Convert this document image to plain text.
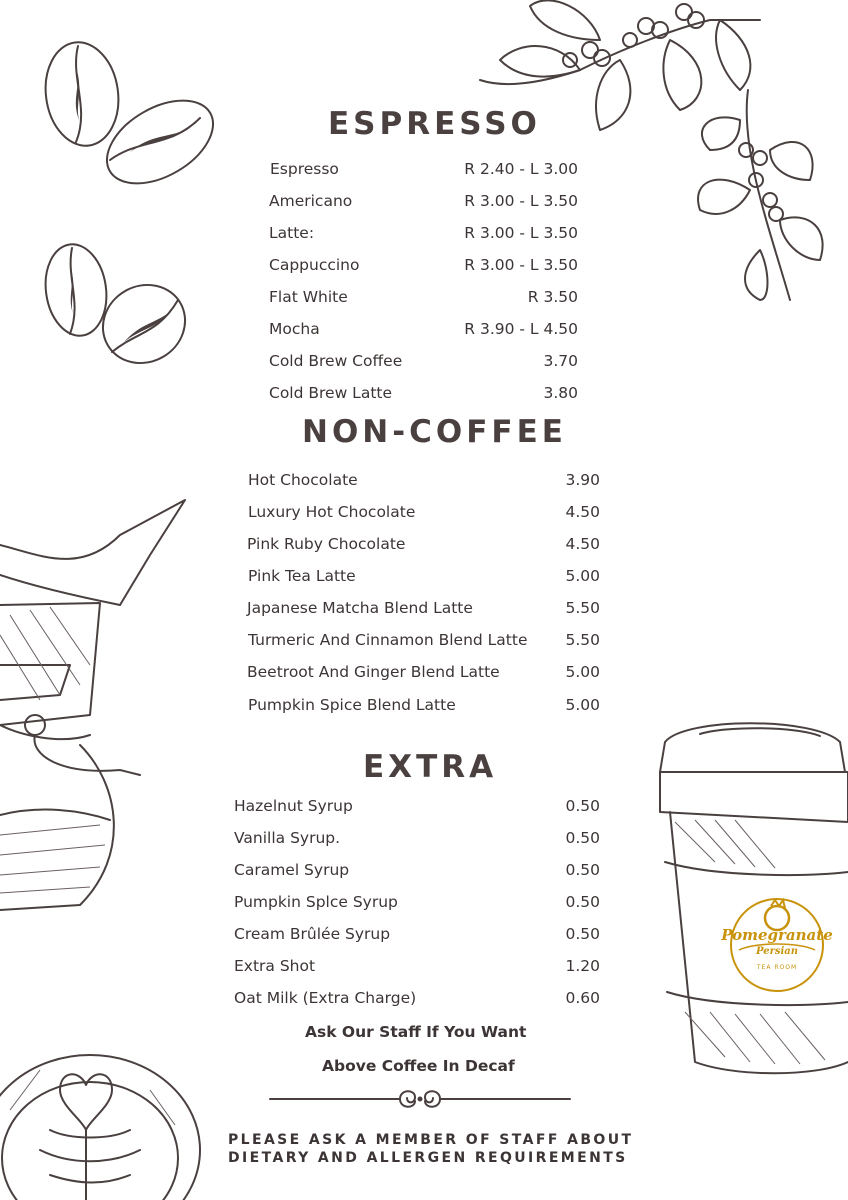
Pomegranate
Persian
TEA ROOM
ESPRESSO
Espresso	R 2.40 - L 3.00
Americano	R 3.00 - L 3.50
Latte:	R 3.00 - L 3.50
Cappuccino	R 3.00 - L 3.50
Flat White	R 3.50
Mocha	R 3.90 - L 4.50
Cold Brew Coffee	3.70
Cold Brew Latte	3.80
NON-COFFEE
Hot Chocolate	3.90
Luxury Hot Chocolate	4.50
Pink Ruby Chocolate	4.50
Pink Tea Latte	5.00
Japanese Matcha Blend Latte	5.50
Turmeric And Cinnamon Blend Latte 5.50
Beetroot And Ginger Blend Latte	5.00
Pumpkin Spice Blend Latte	5.00
EXTRA
Hazelnut Syrup	0.50
Vanilla Syrup.	0.50
Caramel Syrup	0.50
Pumpkin Splce Syrup	0.50
Cream Brûlée Syrup	0.50
Extra Shot	1.20
Oat Milk (Extra Charge)	0.60
Ask Our Staff If You Want
Above Coffee In Decaf
PLEASE ASK A MEMBER OF STAFF ABOUT
DIETARY AND ALLERGEN REQUIREMENTS
